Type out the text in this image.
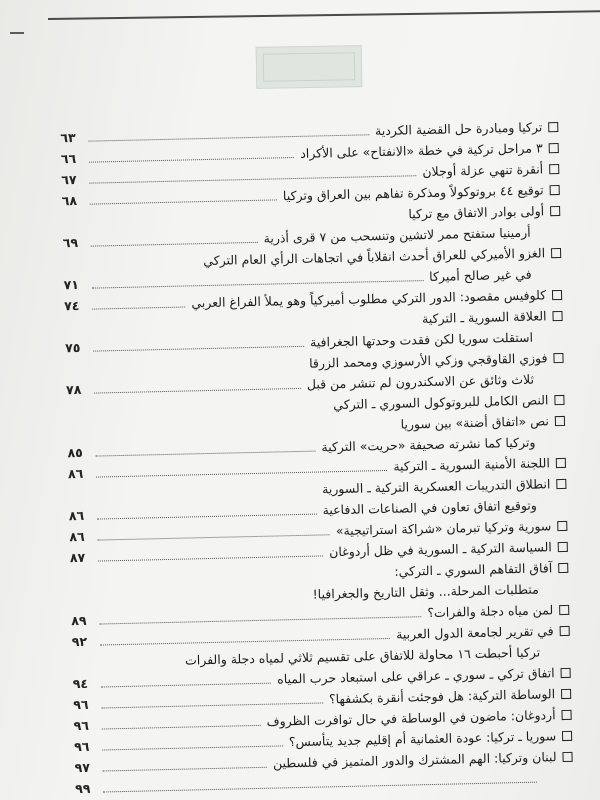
تركيا ومبادرة حل القضية الكردية
٦٣
٣ مراحل تركية في خطة «الانفتاح» على الأكراد
٦٦
أنقرة تنهي عزلة أوجلان
٦٧
توقيع ٤٤ بروتوكولاً ومذكرة تفاهم بين العراق وتركيا
٦٨
أولى بوادر الاتفاق مع تركيا
أرمينيا ستفتح ممر لاتشين وتنسحب من ٧ قرى أذرية
٦٩
الغزو الأميركي للعراق أحدث انقلاباً في اتجاهات الرأي العام التركي
في غير صالح أميركا
٧١
كلوفيس مقصود: الدور التركي مطلوب أميركياً وهو يملأ الفراغ العربي
٧٤
العلاقة السورية ـ التركية
استقلت سوريا لكن فقدت وحدتها الجغرافية
٧٥
فوزي القاوقجي وزكي الأرسوزي ومحمد الزرقا
ثلاث وثائق عن الاسكندرون لم تنشر من قبل
٧٨
النص الكامل للبروتوكول السوري ـ التركي
نص «اتفاق أضنة» بين سوريا
وتركيا كما نشرته صحيفة «حريت» التركية
٨٥
اللجنة الأمنية السورية ـ التركية
٨٦
انطلاق التدريبات العسكرية التركية ـ السورية
وتوقيع اتفاق تعاون في الصناعات الدفاعية
٨٦
سورية وتركيا تبرمان «شراكة استراتيجية»
٨٦
السياسة التركية ـ السورية في ظل أردوغان
٨٧
آفاق التفاهم السوري ـ التركي:
متطلبات المرحلة... وثقل التاريخ والجغرافيا!
لمن مياه دجلة والفرات؟
٨٩
في تقرير لجامعة الدول العربية
٩٢
تركيا أحبطت ١٦ محاولة للاتفاق على تقسيم ثلاثي لمياه دجلة والفرات
اتفاق تركي ـ سوري ـ عراقي على استبعاد حرب المياه
٩٤
الوساطة التركية: هل فوجئت أنقرة بكشفها؟
٩٦
أردوغان: ماضون في الوساطة في حال توافرت الظروف
٩٦
سوريا ـ تركيا: عودة العثمانية أم إقليم جديد يتأسس؟
٩٦
لبنان وتركيا: الهم المشترك والدور المتميز في فلسطين
٩٧
٩٩
